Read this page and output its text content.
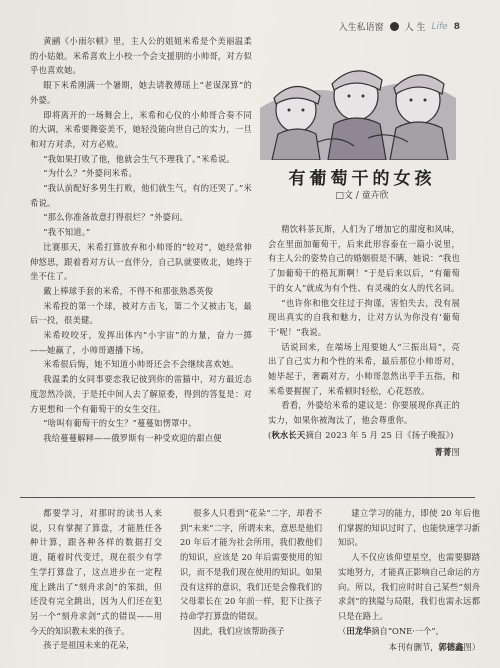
入生私语窗 人 生 Life 8

黄鹂《小雨尔顿》里，主人公的姐姐米希是个美丽温柔的小姑娘。米希喜欢上小校一个会支援朋的小帅哥，对方似乎也喜欢她。

眼下米希刚满一个暑期，她去请教傅瑶上“老谋深算”的外婆。

即将离开的一场舞会上，米希和心仪的小帅哥合奏不同的大调，米希要舞姿美不，她轻没能向世自己的实力，一旦和对方对杀，对方必败。

“我如果打败了他，他就会生气不理我了。”米希说。

“为什么？”外婆问米希。

“我认前配好多男生打败，他们就生气，有的还哭了。”米希说。

“那么你准备故意打得很烂？”外婆问。

“我不知道。”

比赛那天，米希打算放弃和小帅哥的“较对”，她经常伸伸悠思，跟着看对方认一直伴分，自己队就要败北，她终于坐不住了。

戴上棒球手套的米希，不得不和那张熟悉英俊

米希投的第一个球，被对方击飞，第二个又被击飞，最后一投，很美健。

米希咬咬牙，发挥出体内“小宇宙”的力量，奋力一掷——她赢了，小帅哥遇播下场。

米希很后悔，她不知道小帅哥还会不会继续喜欢她。

我温柔的女同事要恋我记彼到你的雷猫中，对方最近态度忽然冷淡，于是托中间人去了解原委，得到的答复是：对方更想和一个有葡萄干的女生交往。

“啥叫有葡萄干的女生？”蔓蔓如愣罩中。

我给蔓蔓解释——俄罗斯有一种受欢迎的甜点便

有葡萄干的女孩
□文 / 童卉欣

精饮料茶瓦斯，人们为了增加它的甜度和风味，会在里面加葡萄干，后来此形容泰在一篇小说里，有主人公的姿势自己的婚姻很是不瞒，她说：“我也了加葡萄干的格瓦斯啊！”于是后来以后，“有葡萄干的女人”就成为有个性、有灵魂的女人的代名词。

“也许你和他交往过于拘谨，害怕失去，没有展现出真实的自我和魅力，让对方认为你没有‘葡萄干’呢！”我说。

话说回来，在端场上甩要她人“三振出局”，亮出了自己实力和个性的米希，最后那位小帅哥对，她毕起于，奢霸对方，小帅哥忽然出乎手五指，和米希要握握了，米希顿时轻松，心花怒放。

看看，外婆给米希的建议是：你要展现你真正的实力，如果你被淘汰了，他会尊重你。

(秋水长天摘自 2023 年 5 月 25 日《扬子晚报》)

菁菁图

都要学习，对那时的读书人来说，只有掌握了算盘，才能胜任各种计算，跟各种各样的数据打交道，随着时代变迁，现在很少有学生学打算盘了，这点进步在一定程度上跳出了“刻舟求剑”的笨拙，但还没有完全跳出，因为人们还在犯另一个“刻舟求剑”式的错误——用今天的知识教未来的孩子。

孩子是祖国未来的花朵，

很多人只看到“花朵”二字，却看不到“未来”二字，所谓未来，意思是他们 20 年后才能为社会所用，我们教他们的知识，应该是 20 年后需要使用的知识，而不是我们现在使用的知识。如果没有这样的意识，我们还是会像我们的父母辈长在 20 年前一样，犯下让孩子持命学打算盘的错误。

因此，我们应该帮助孩子

建立学习的能力，即使 20 年后他们掌握的知识过时了，也能快速学习新知识。

人不仅应该仰望星空，也需要脚踏实地努力，才能真正影响自己命运的方向。所以，我们应时时自己某些“刻舟求剑”的狭隘与局限，我们也需永远都只是在路上。

（田龙华摘自“ONE·一个”，

本刊有删节，郭德鑫图）
